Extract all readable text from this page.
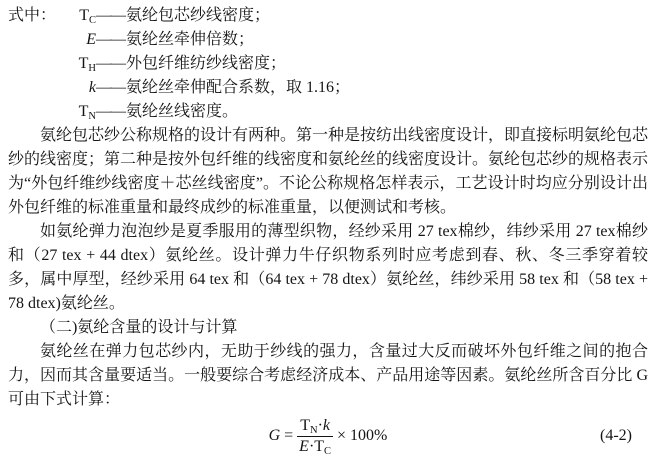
式中：	$T_C$ —— 氨纶包芯纱线密度；
E —— 氨纶丝牵伸倍数；
$T_H$ —— 外包纤维纺纱线密度；
k —— 氨纶丝牵伸配合系数，取 1.16；
$T_N$ —— 氨纶丝线密度。

氨纶包芯纱公称规格的设计有两种。第一种是按纺出线密度设计，即直接标明氨纶包芯纱的线密度；第二种是按外包纤维的线密度和氨纶丝的线密度设计。氨纶包芯纱的规格表示为“外包纤维纱线密度＋芯丝线密度”。不论公称规格怎样表示，工艺设计时均应分别设计出外包纤维的标准重量和最终成纱的标准重量，以便测试和考核。

如氨纶弹力泡泡纱是夏季服用的薄型织物，经纱采用 27 tex棉纱，纬纱采用 27 tex棉纱和（27 tex + 44 dtex）氨纶丝。设计弹力牛仔织物系列时应考虑到春、秋、冬三季穿着较多，属中厚型，经纱采用 64 tex 和（64 tex + 78 dtex）氨纶丝，纬纱采用 58 tex 和（58 tex + 78 dtex)氨纶丝。

（二)氨纶含量的设计与计算

氨纶丝在弹力包芯纱内，无助于纱线的强力，含量过大反而破坏外包纤维之间的抱合力，因而其含量要适当。一般要综合考虑经济成本、产品用途等因素。氨纶丝所含百分比 G 可由下式计算：

$G = \frac{T_N\cdot k}{E\cdot T_C} \times 100\%$	(4-2)
